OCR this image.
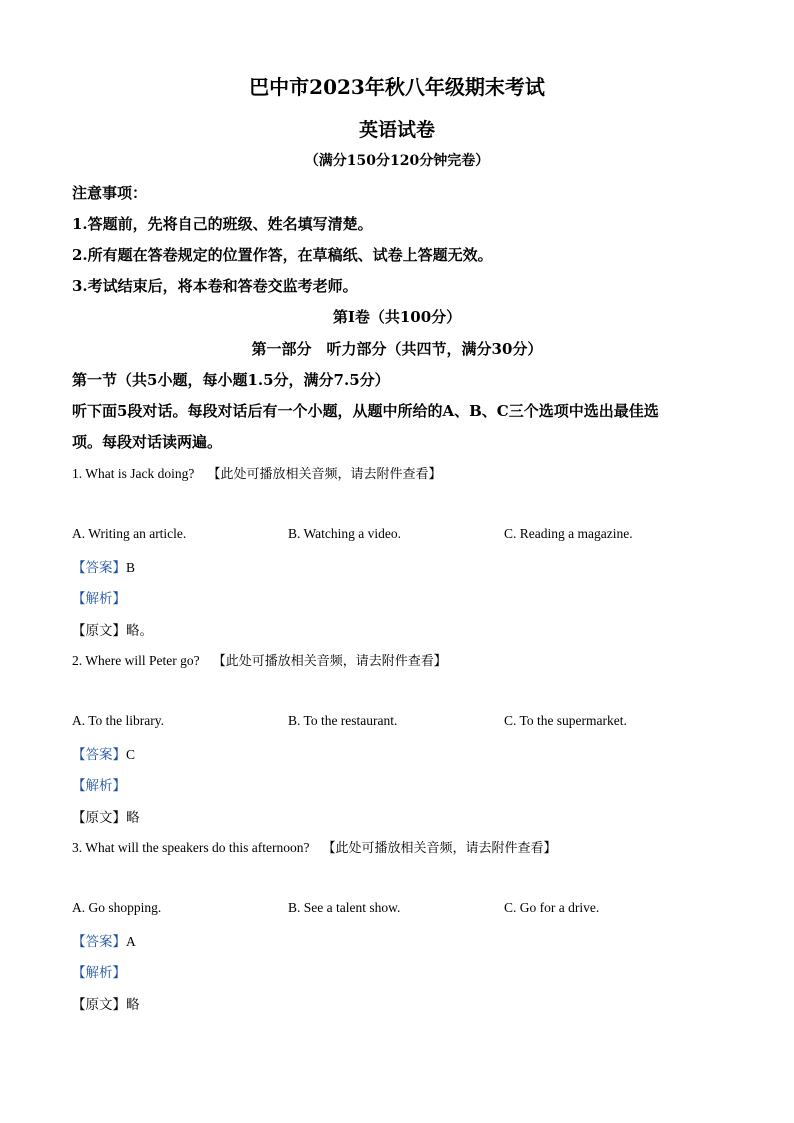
巴中市2023年秋八年级期末考试
英语试卷
（满分150分120分钟完卷）
注意事项：
1.答题前，先将自己的班级、姓名填写清楚。
2.所有题在答卷规定的位置作答，在草稿纸、试卷上答题无效。
3.考试结束后，将本卷和答卷交监考老师。
第Ⅰ卷（共100分）
第一部分　听力部分（共四节，满分30分）
第一节（共5小题，每小题1.5分，满分7.5分）
听下面5段对话。每段对话后有一个小题，从题中所给的A、B、C三个选项中选出最佳选
项。每段对话读两遍。
1. What is Jack doing? 【此处可播放相关音频，请去附件查看】
A. Writing an article.	B. Watching a video.	C. Reading a magazine.
【答案】B
【解析】
【原文】略。
2. Where will Peter go? 【此处可播放相关音频，请去附件查看】
A. To the library.	B. To the restaurant.	C. To the supermarket.
【答案】C
【解析】
【原文】略
3. What will the speakers do this afternoon? 【此处可播放相关音频，请去附件查看】
A. Go shopping.	B. See a talent show.	C. Go for a drive.
【答案】A
【解析】
【原文】略
